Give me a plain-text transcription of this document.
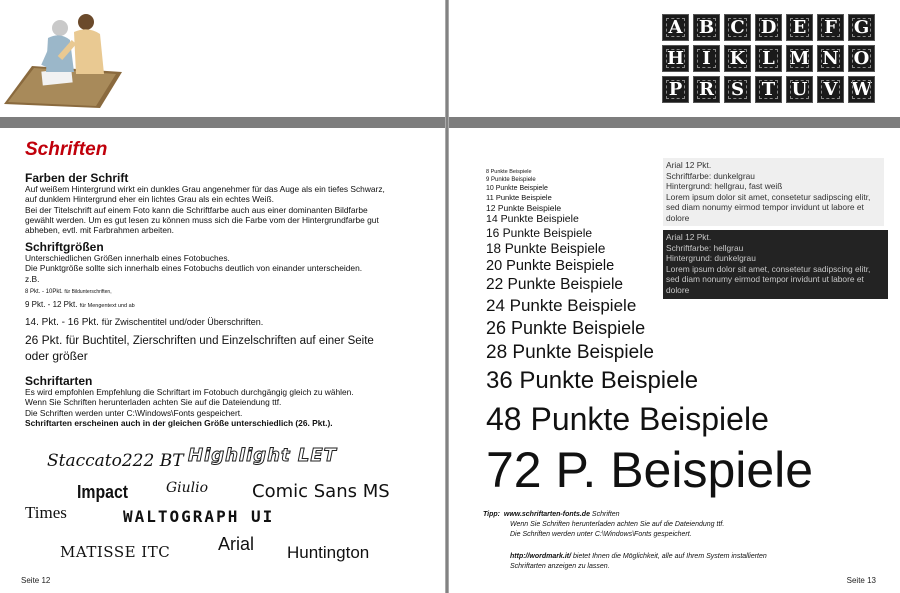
Schriften
Farben der Schrift
Auf weißem Hintergrund wirkt ein dunkles Grau angenehmer für das Auge als ein tiefes Schwarz,
auf dunklem Hintergrund eher ein lichtes Grau als ein echtes Weiß.
Bei der Titelschrift auf einem Foto kann die Schriftfarbe auch aus einer dominanten Bildfarbe
gewählt werden. Um es gut lesen zu können muss sich die Farbe vom der Hintergrundfarbe gut
abheben, evtl. mit Farbrahmen arbeiten.
Schriftgrößen
Unterschiedlichen Größen innerhalb eines Fotobuches.
Die Punktgröße sollte sich innerhalb eines Fotobuchs deutlich von einander unterscheiden.
z.B.
8 Pkt. - 10Pkt. für Bildunterschriften,
9 Pkt. - 12 Pkt. für Mengentext und ab
14. Pkt. - 16 Pkt. für Zwischentitel und/oder Überschriften.
26 Pkt. für Buchtitel, Zierschriften und Einzelschriften auf einer Seite
oder größer
Schriftarten
Es wird empfohlen Empfehlung die Schriftart im Fotobuch durchgängig gleich zu wählen.
Wenn Sie Schriften herunterladen achten Sie auf die Dateiendung ttf.
Die Schriften werden unter C:\Windows\Fonts gespeichert.
Schriftarten erscheinen auch in der gleichen Größe unterschiedlich (26. Pkt.).
Staccato222 BT Highlight LET
Impact	Giulio Comic Sans MS
Times	WALTOGRAPH UI
MATISSE ITC	Arial Huntington
Seite 12
A B C D E F G
H	I	K L M N O
P R S T U V W
8 Punkte Beispiele
9 Punkte Beispiele
10 Punkte Beispiele
11 Punkte Beispiele
12 Punkte Beispiele
14 Punkte Beispiele
16 Punkte Beispiele
18 Punkte Beispiele
20 Punkte Beispiele
22 Punkte Beispiele
24 Punkte Beispiele
26 Punkte Beispiele
28 Punkte Beispiele
36 Punkte Beispiele
48 Punkte Beispiele
72 P. Beispiele
Arial 12 Pkt.
Schriftfarbe: dunkelgrau
Hintergrund: hellgrau, fast weiß
Lorem ipsum dolor sit amet, consetetur sadipscing elitr, sed diam nonumy eirmod tempor invidunt ut labore et dolore
Arial 12 Pkt.
Schriftfarbe: hellgrau
Hintergrund: dunkelgrau
Lorem ipsum dolor sit amet, consetetur sadipscing elitr, sed diam nonumy eirmod tempor invidunt ut labore et dolore
Tipp: www.schriftarten-fonts.de Schriften
Wenn Sie Schriften herunterladen achten Sie auf die Dateiendung ttf.
Die Schriften werden unter C:\Windows\Fonts gespeichert.
http://wordmark.it/ bietet Ihnen die Möglichkeit, alle auf Ihrem System installierten
Schriftarten anzeigen zu lassen.
Seite 13
